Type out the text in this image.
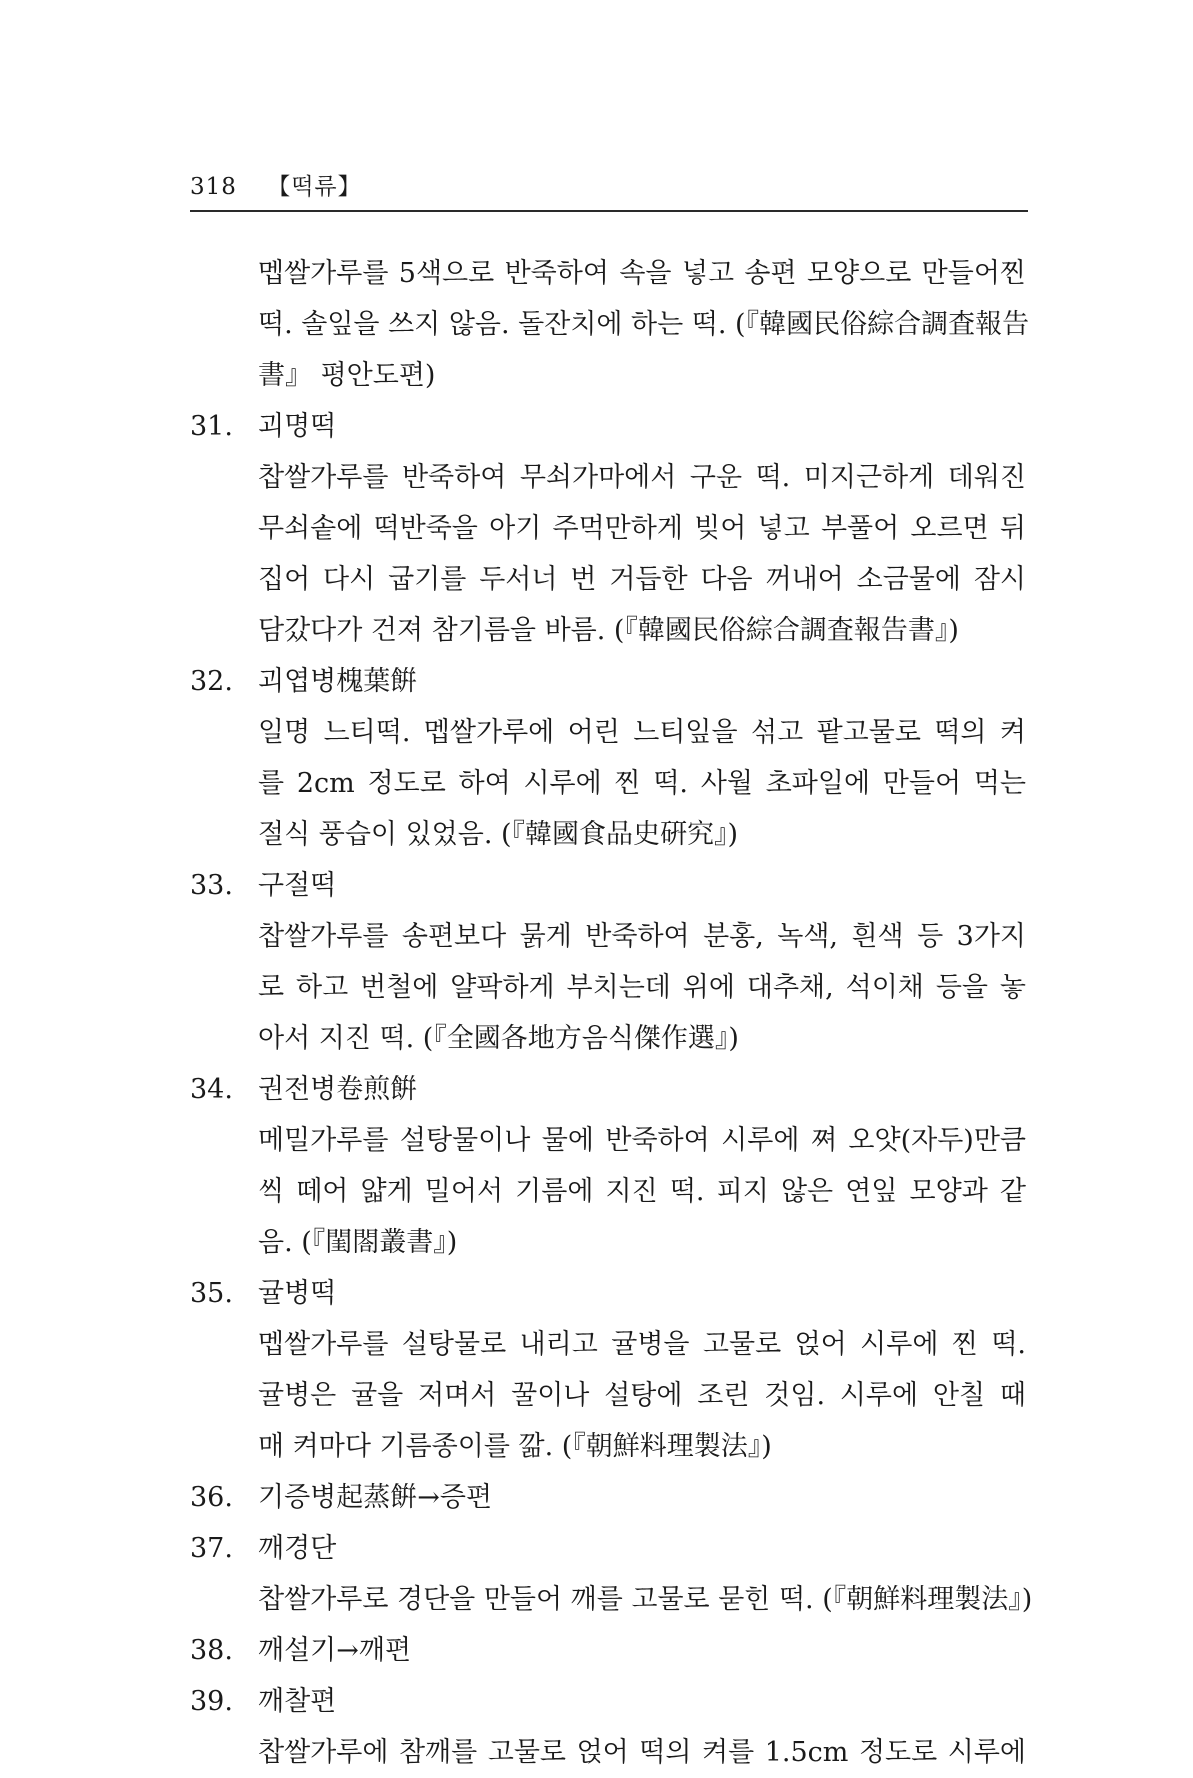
318 【떡류】
멥쌀가루를 5색으로 반죽하여 속을 넣고 송편 모양으로 만들어찐
떡. 솔잎을 쓰지 않음. 돌잔치에 하는 떡. (『韓國民俗綜合調査報告
書』 평안도편)
31. 괴명떡
찹쌀가루를 반죽하여 무쇠가마에서 구운 떡. 미지근하게 데워진
무쇠솥에 떡반죽을 아기 주먹만하게 빚어 넣고 부풀어 오르면 뒤
집어 다시 굽기를 두서너 번 거듭한 다음 꺼내어 소금물에 잠시
담갔다가 건져 참기름을 바름. (『韓國民俗綜合調査報告書』)
32. 괴엽병槐葉餠
일명 느티떡. 멥쌀가루에 어린 느티잎을 섞고 팥고물로 떡의 켜
를 2cm 정도로 하여 시루에 찐 떡. 사월 초파일에 만들어 먹는
절식 풍습이 있었음. (『韓國食品史硏究』)
33. 구절떡
찹쌀가루를 송편보다 묽게 반죽하여 분홍, 녹색, 흰색 등 3가지
로 하고 번철에 얄팍하게 부치는데 위에 대추채, 석이채 등을 놓
아서 지진 떡. (『全國各地方음식傑作選』)
34. 권전병卷煎餠
메밀가루를 설탕물이나 물에 반죽하여 시루에 쪄 오얏(자두)만큼
씩 떼어 얇게 밀어서 기름에 지진 떡. 피지 않은 연잎 모양과 같
음. (『閨閤叢書』)
35. 귤병떡
멥쌀가루를 설탕물로 내리고 귤병을 고물로 얹어 시루에 찐 떡.
귤병은 귤을 저며서 꿀이나 설탕에 조린 것임. 시루에 안칠 때
매 켜마다 기름종이를 깖. (『朝鮮料理製法』)
36. 기증병起蒸餠→증편
37. 깨경단
찹쌀가루로 경단을 만들어 깨를 고물로 묻힌 떡. (『朝鮮料理製法』)
38. 깨설기→깨편
39. 깨찰편
찹쌀가루에 참깨를 고물로 얹어 떡의 켜를 1.5cm 정도로 시루에
